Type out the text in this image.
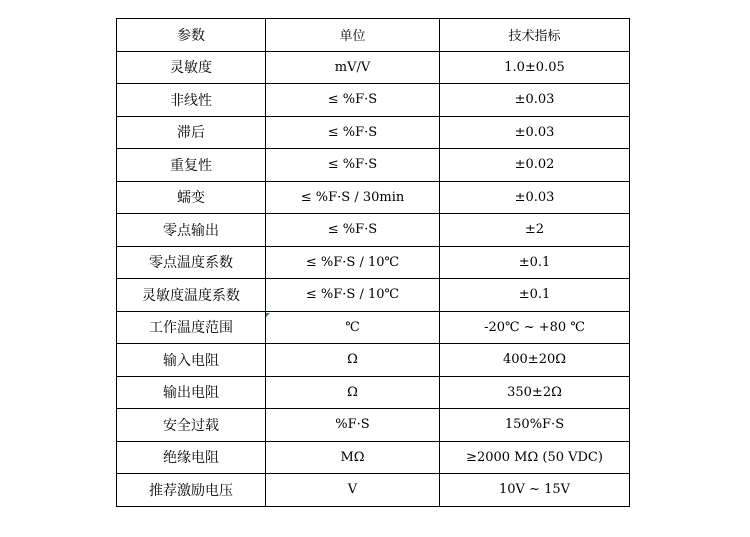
参数	单位	技术指标
灵敏度	mV/V	1.0±0.05
非线性	≤ %F·S	±0.03
滞后	≤ %F·S	±0.03
重复性	≤ %F·S	±0.02
蠕变	≤ %F·S / 30min	±0.03
零点输出	≤ %F·S	±2
零点温度系数	≤ %F·S / 10℃	±0.1
灵敏度温度系数	≤ %F·S / 10℃	±0.1
工作温度范围	℃	-20℃ ~ +80 ℃
输入电阻	Ω	400±20Ω
输出电阻	Ω	350±2Ω
安全过载	%F·S	150%F·S
绝缘电阻	MΩ	≥2000 MΩ (50 VDC)
推荐激励电压	V	10V ~ 15V
